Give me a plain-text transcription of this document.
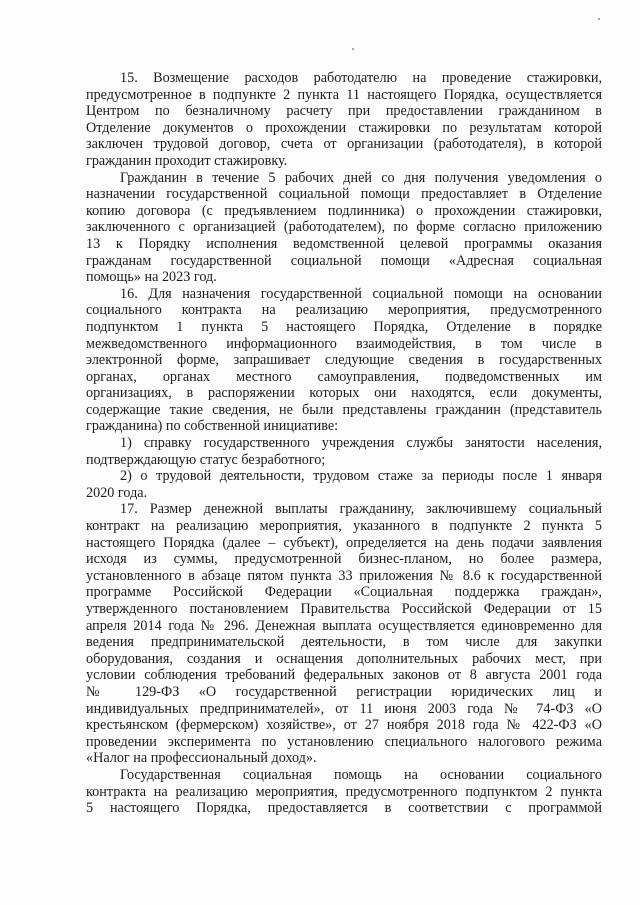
15. Возмещение расходов работодателю на проведение стажировки,
предусмотренное в подпункте 2 пункта 11 настоящего Порядка, осуществляется
Центром по безналичному расчету при предоставлении гражданином в
Отделение документов о прохождении стажировки по результатам которой
заключен трудовой договор, счета от организации (работодателя), в которой
гражданин проходит стажировку.
Гражданин в течение 5 рабочих дней со дня получения уведомления о
назначении государственной социальной помощи предоставляет в Отделение
копию договора (с предъявлением подлинника) о прохождении стажировки,
заключенного с организацией (работодателем), по форме согласно приложению
13 к Порядку исполнения ведомственной целевой программы оказания
гражданам государственной социальной помощи «Адресная социальная
помощь» на 2023 год.
16. Для назначения государственной социальной помощи на основании
социального контракта на реализацию мероприятия, предусмотренного
подпунктом 1 пункта 5 настоящего Порядка, Отделение в порядке
межведомственного информационного взаимодействия, в том числе в
электронной форме, запрашивает следующие сведения в государственных
органах, органах местного самоуправления, подведомственных им
организациях, в распоряжении которых они находятся, если документы,
содержащие такие сведения, не были представлены гражданин (представитель
гражданина) по собственной инициативе:
1) справку государственного учреждения службы занятости населения,
подтверждающую статус безработного;
2) о трудовой деятельности, трудовом стаже за периоды после 1 января
2020 года.
17. Размер денежной выплаты гражданину, заключившему социальный
контракт на реализацию мероприятия, указанного в подпункте 2 пункта 5
настоящего Порядка (далее – субъект), определяется на день подачи заявления
исходя из суммы, предусмотренной бизнес-планом, но более размера,
установленного в абзаце пятом пункта 33 приложения № 8.6 к государственной
программе Российской Федерации «Социальная поддержка граждан»,
утвержденного постановлением Правительства Российской Федерации от 15
апреля 2014 года № 296. Денежная выплата осуществляется единовременно для
ведения предпринимательской деятельности, в том числе для закупки
оборудования, создания и оснащения дополнительных рабочих мест, при
условии соблюдения требований федеральных законов от 8 августа 2001 года
№ 129-ФЗ «О государственной регистрации юридических лиц и
индивидуальных предпринимателей», от 11 июня 2003 года № 74-ФЗ «О
крестьянском (фермерском) хозяйстве», от 27 ноября 2018 года № 422-ФЗ «О
проведении эксперимента по установлению специального налогового режима
«Налог на профессиональный доход».
Государственная социальная помощь на основании социального
контракта на реализацию мероприятия, предусмотренного подпунктом 2 пункта
5 настоящего Порядка, предоставляется в соответствии с программой
